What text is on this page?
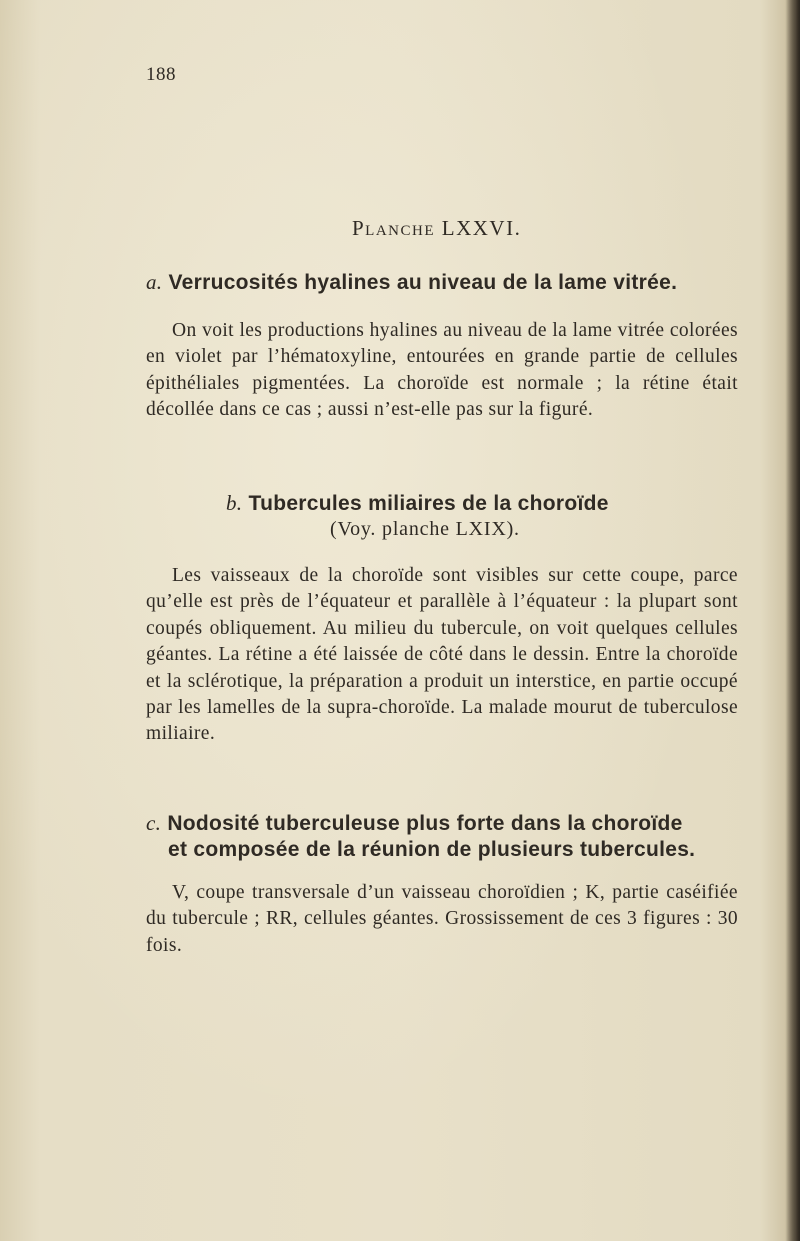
188
Planche LXXVI.
a. Verrucosités hyalines au niveau de la lame vitrée.

On voit les productions hyalines au niveau de la lame vitrée colorées en violet par l’hématoxyline, entourées en grande partie de cellules épithéliales pigmentées. La choroïde est normale ; la rétine était décollée dans ce cas ; aussi n’est-elle pas sur la figuré.

b. Tubercules miliaires de la choroïde
(Voy. planche LXIX).

Les vaisseaux de la choroïde sont visibles sur cette coupe, parce qu’elle est près de l’équateur et parallèle à l’équateur : la plupart sont coupés obliquement. Au milieu du tubercule, on voit quelques cellules géantes. La rétine a été laissée de côté dans le dessin. Entre la choroïde et la sclérotique, la préparation a produit un interstice, en partie occupé par les lamelles de la supra-choroïde. La malade mourut de tuberculose miliaire.

c. Nodosité tuberculeuse plus forte dans la choroïde
et composée de la réunion de plusieurs tubercules.

V, coupe transversale d’un vaisseau choroïdien ; K, partie caséifiée du tubercule ; RR, cellules géantes. Grossissement de ces 3 figures : 30 fois.
